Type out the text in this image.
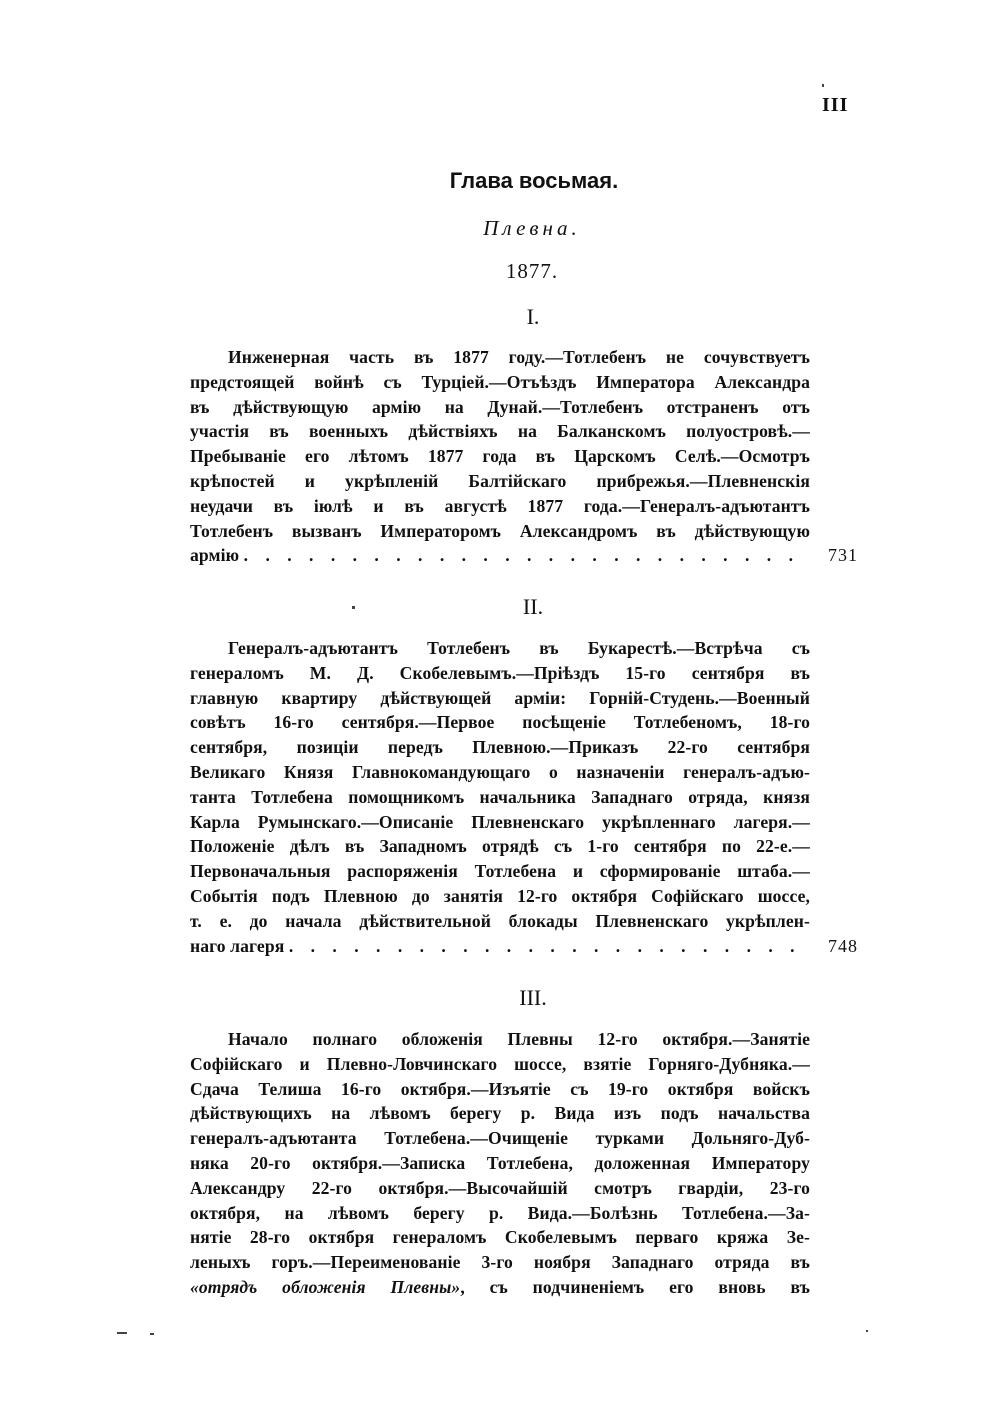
III
Глава восьмая.
Плевна.
1877.
I.
Инженерная часть въ 1877 году.—Тотлебенъ не сочувствуетъ
предстоящей войнѣ съ Турціей.—Отъѣздъ Императора Александра
въ дѣйствующую армію на Дунай.—Тотлебенъ отстраненъ отъ
участія въ военныхъ дѣйствіяхъ на Балканскомъ полуостровѣ.—
Пребываніе его лѣтомъ 1877 года въ Царскомъ Селѣ.—Осмотръ
крѣпостей и укрѣпленій Балтійскаго прибрежья.—Плевненскія
неудачи въ іюлѣ и въ августѣ 1877 года.—Генералъ-адъютантъ
Тотлебенъ вызванъ Императоромъ Александромъ въ дѣйствующую
армію . . . . . . . . . . . . . . . . . . . . . . . . . . 731
II.
Генералъ-адъютантъ Тотлебенъ въ Букарестѣ.—Встрѣча съ
генераломъ М. Д. Скобелевымъ.—Пріѣздъ 15-го сентября въ
главную квартиру дѣйствующей арміи: Горній-Студень.—Военный
совѣтъ 16-го сентября.—Первое посѣщеніе Тотлебеномъ, 18-го
сентября, позиціи передъ Плевною.—Приказъ 22-го сентября
Великаго Князя Главнокомандующаго о назначеніи генералъ-адъю-
танта Тотлебена помощникомъ начальника Западнаго отряда, князя
Карла Румынскаго.—Описаніе Плевненскаго укрѣпленнаго лагеря.—
Положеніе дѣлъ въ Западномъ отрядѣ съ 1-го сентября по 22-е.—
Первоначальныя распоряженія Тотлебена и сформированіе штаба.—
Событія подъ Плевною до занятія 12-го октября Софійскаго шоссе,
т. е. до начала дѣйствительной блокады Плевненскаго укрѣплен-
наго лагеря . . . . . . . . . . . . . . . . . . . . . . . . 748
III.
Начало полнаго обложенія Плевны 12-го октября.—Занятіе
Софійскаго и Плевно-Ловчинскаго шоссе, взятіе Горняго-Дубняка.—
Сдача Телиша 16-го октября.—Изъятіе съ 19-го октября войскъ
дѣйствующихъ на лѣвомъ берегу р. Вида изъ подъ начальства
генералъ-адъютанта Тотлебена.—Очищеніе турками Дольняго-Дуб-
няка 20-го октября.—Записка Тотлебена, доложенная Императору
Александру 22-го октября.—Высочайшій смотръ гвардіи, 23-го
октября, на лѣвомъ берегу р. Вида.—Болѣзнь Тотлебена.—За-
нятіе 28-го октября генераломъ Скобелевымъ перваго кряжа Зе-
леныхъ горъ.—Переименованіе 3-го ноября Западнаго отряда въ
«отрядъ обложенія Плевны», съ подчиненіемъ его вновь въ
